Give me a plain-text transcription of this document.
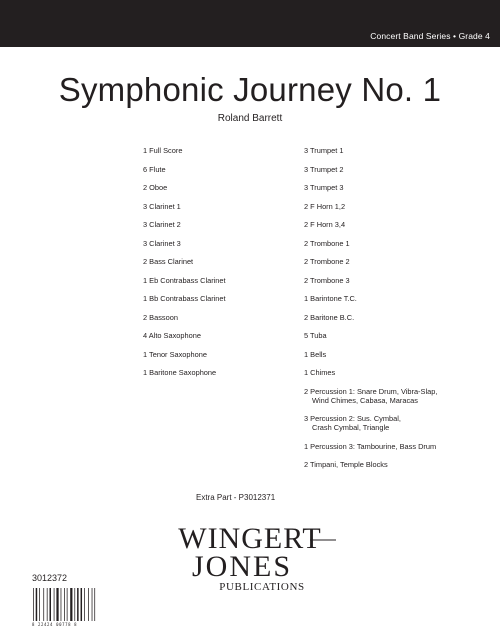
Concert Band Series • Grade 4
Symphonic Journey No. 1
Roland Barrett
1 Full Score
6 Flute
2 Oboe
3 Clarinet 1
3 Clarinet 2
3 Clarinet 3
2 Bass Clarinet
1 Eb Contrabass Clarinet
1 Bb Contrabass Clarinet
2 Bassoon
4 Alto Saxophone
1 Tenor Saxophone
1 Baritone Saxophone
3 Trumpet 1
3 Trumpet 2
3 Trumpet 3
2 F Horn 1,2
2 F Horn 3,4
2 Trombone 1
2 Trombone 2
2 Trombone 3
1 Barintone T.C.
2 Baritone B.C.
5 Tuba
1 Bells
1 Chimes
2 Percussion 1: Snare Drum, Vibra-Slap,
Wind Chimes, Cabasa, Maracas
3 Percussion 2: Sus. Cymbal,
Crash Cymbal, Triangle
1 Percussion 3: Tambourine, Bass Drum
2 Timpani, Temple Blocks
Extra Part - P3012371
WINGERT
JONES
PUBLICATIONS
3012372
8 22424 00778 8
